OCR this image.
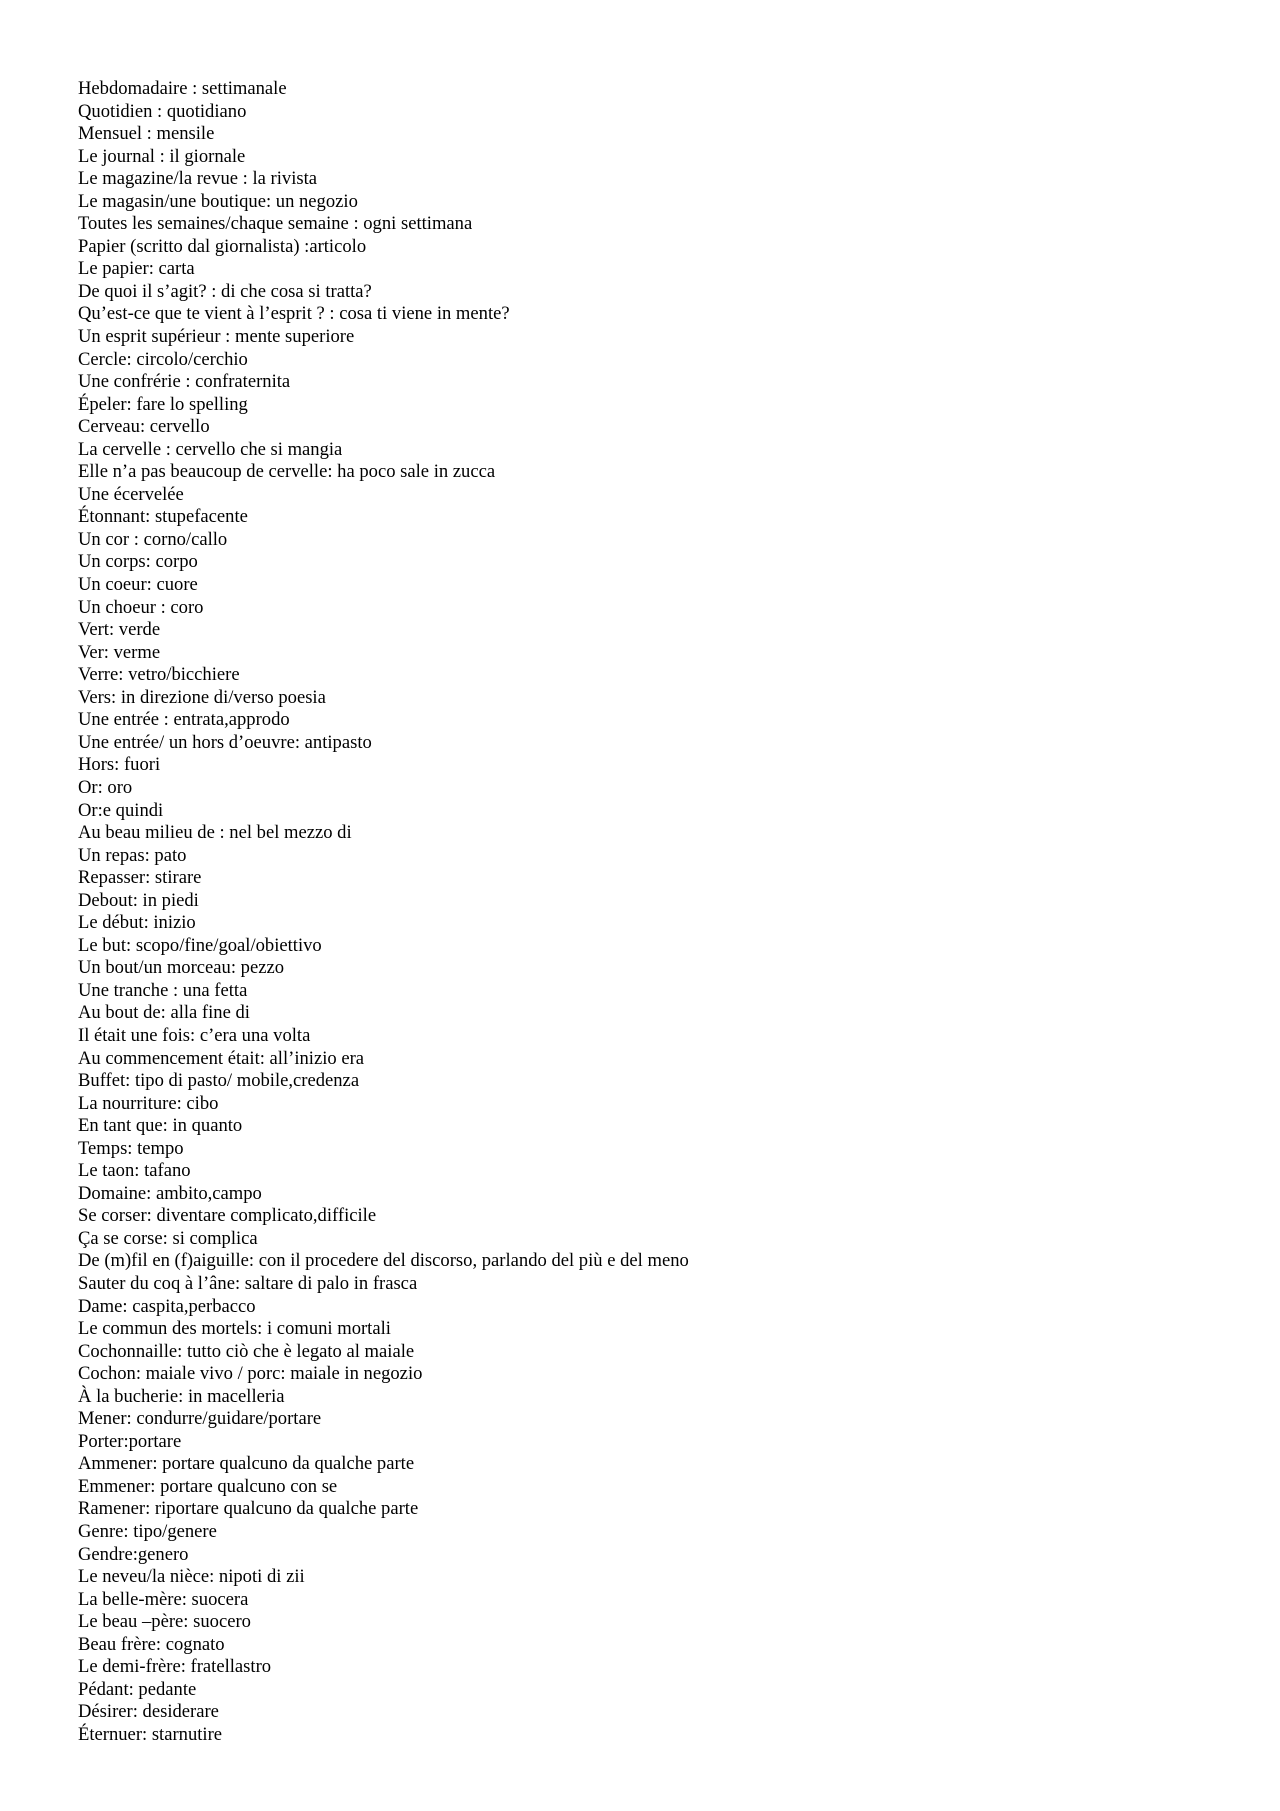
Hebdomadaire : settimanale
Quotidien : quotidiano
Mensuel : mensile
Le journal : il giornale
Le magazine/la revue : la rivista
Le magasin/une boutique: un negozio
Toutes les semaines/chaque semaine : ogni settimana
Papier (scritto dal giornalista) :articolo
Le papier: carta
De quoi il s’agit? : di che cosa si tratta?
Qu’est-ce que te vient à l’esprit ? : cosa ti viene in mente?
Un esprit supérieur : mente superiore
Cercle: circolo/cerchio
Une confrérie : confraternita
Épeler: fare lo spelling
Cerveau: cervello
La cervelle : cervello che si mangia
Elle n’a pas beaucoup de cervelle: ha poco sale in zucca
Une écervelée
Étonnant: stupefacente
Un cor : corno/callo
Un corps: corpo
Un coeur: cuore
Un choeur : coro
Vert: verde
Ver: verme
Verre: vetro/bicchiere
Vers: in direzione di/verso poesia
Une entrée : entrata,approdo
Une entrée/ un hors d’oeuvre: antipasto
Hors: fuori
Or: oro
Or:e quindi
Au beau milieu de : nel bel mezzo di
Un repas: pato
Repasser: stirare
Debout: in piedi
Le début: inizio
Le but: scopo/fine/goal/obiettivo
Un bout/un morceau: pezzo
Une tranche : una fetta
Au bout de: alla fine di
Il était une fois: c’era una volta
Au commencement était: all’inizio era
Buffet: tipo di pasto/ mobile,credenza
La nourriture: cibo
En tant que: in quanto
Temps: tempo
Le taon: tafano
Domaine: ambito,campo
Se corser: diventare complicato,difficile
Ça se corse: si complica
De (m)fil en (f)aiguille: con il procedere del discorso, parlando del più e del meno
Sauter du coq à l’âne: saltare di palo in frasca
Dame: caspita,perbacco
Le commun des mortels: i comuni mortali
Cochonnaille: tutto ciò che è legato al maiale
Cochon: maiale vivo / porc: maiale in negozio
À la bucherie: in macelleria
Mener: condurre/guidare/portare
Porter:portare
Ammener: portare qualcuno da qualche parte
Emmener: portare qualcuno con se
Ramener: riportare qualcuno da qualche parte
Genre: tipo/genere
Gendre:genero
Le neveu/la nièce: nipoti di zii
La belle-mère: suocera
Le beau –père: suocero
Beau frère: cognato
Le demi-frère: fratellastro
Pédant: pedante
Désirer: desiderare
Éternuer: starnutire
